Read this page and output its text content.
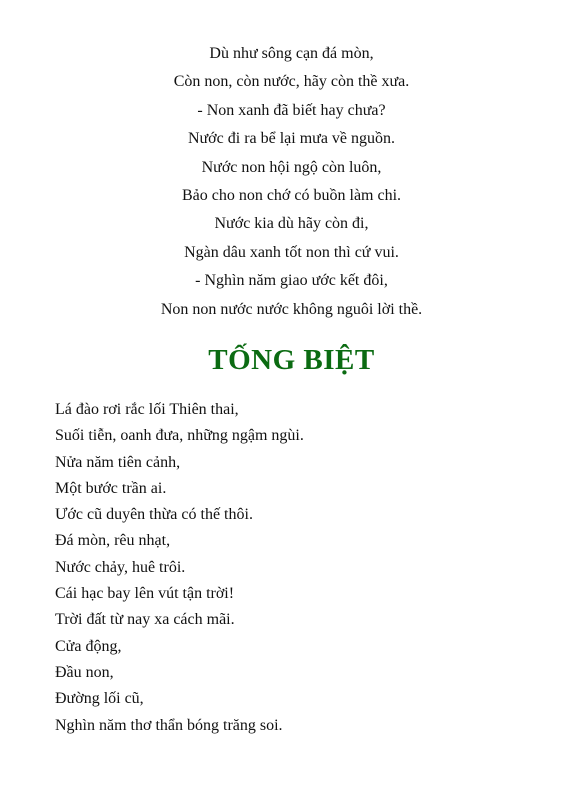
Dù như sông cạn đá mòn,
Còn non, còn nước, hãy còn thề xưa.
- Non xanh đã biết hay chưa?
Nước đi ra bể lại mưa về nguồn.
Nước non hội ngộ còn luôn,
Bảo cho non chớ có buồn làm chi.
Nước kia dù hãy còn đi,
Ngàn dâu xanh tốt non thì cứ vui.
- Nghìn năm giao ước kết đôi,
Non non nước nước không nguôi lời thề.
TỐNG BIỆT
Lá đào rơi rắc lối Thiên thai,
Suối tiễn, oanh đưa, những ngậm ngùi.
Nửa năm tiên cảnh,
Một bước trần ai.
Ước cũ duyên thừa có thế thôi.
Đá mòn, rêu nhạt,
Nước chảy, huê trôi.
Cái hạc bay lên vút tận trời!
Trời đất từ nay xa cách mãi.
Cửa động,
Đầu non,
Đường lối cũ,
Nghìn năm thơ thẩn bóng trăng soi.
